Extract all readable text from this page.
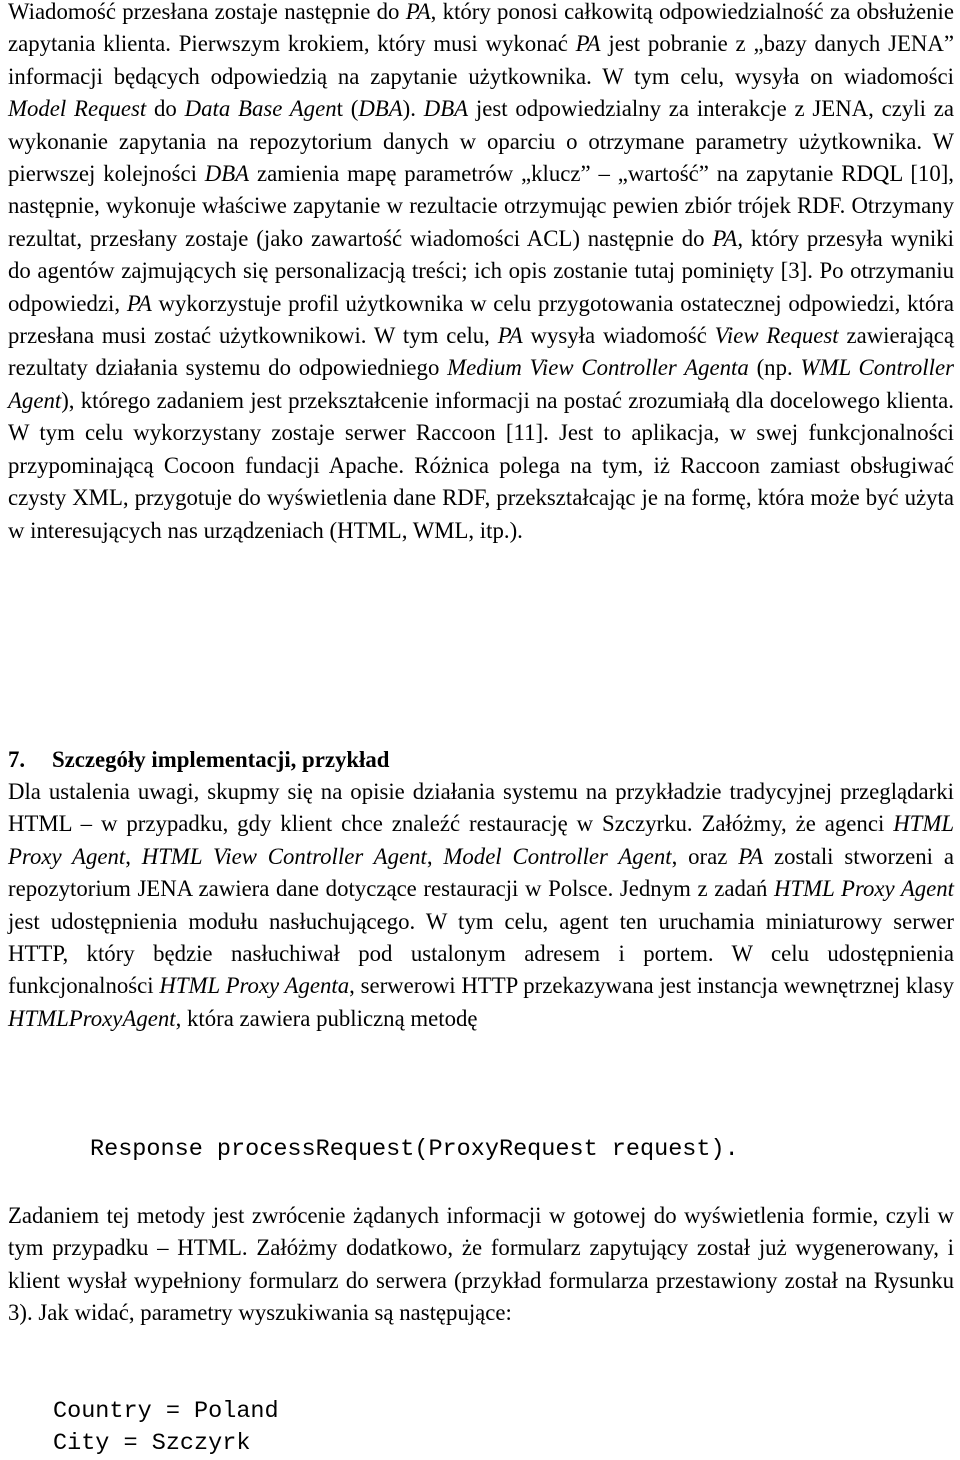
Wiadomość przesłana zostaje następnie do PA, który ponosi całkowitą odpowiedzialność za obsłużenie zapytania klienta. Pierwszym krokiem, który musi wykonać PA jest pobranie z „bazy danych JENA” informacji będących odpowiedzią na zapytanie użytkownika. W tym celu, wysyła on wiadomości Model Request do Data Base Agent (DBA). DBA jest odpowiedzialny za interakcje z JENA, czyli za wykonanie zapytania na repozytorium danych w oparciu o otrzymane parametry użytkownika. W pierwszej kolejności DBA zamienia mapę parametrów „klucz” – „wartość” na zapytanie RDQL [10], następnie, wykonuje właściwe zapytanie w rezultacie otrzymując pewien zbiór trójek RDF. Otrzymany rezultat, przesłany zostaje (jako zawartość wiadomości ACL) następnie do PA, który przesyła wyniki do agentów zajmujących się personalizacją treści; ich opis zostanie tutaj pominięty [3]. Po otrzymaniu odpowiedzi, PA wykorzystuje profil użytkownika w celu przygotowania ostatecznej odpowiedzi, która przesłana musi zostać użytkownikowi. W tym celu, PA wysyła wiadomość View Request zawierającą rezultaty działania systemu do odpowiedniego Medium View Controller Agenta (np. WML Controller Agent), którego zadaniem jest przekształcenie informacji na postać zrozumiałą dla docelowego klienta. W tym celu wykorzystany zostaje serwer Raccoon [11]. Jest to aplikacja, w swej funkcjonalności przypominającą Cocoon fundacji Apache. Różnica polega na tym, iż Raccoon zamiast obsługiwać czysty XML, przygotuje do wyświetlenia dane RDF, przekształcając je na formę, która może być użyta w interesujących nas urządzeniach (HTML, WML, itp.).

7. Szczegóły implementacji, przykład

Dla ustalenia uwagi, skupmy się na opisie działania systemu na przykładzie tradycyjnej przeglądarki HTML – w przypadku, gdy klient chce znaleźć restaurację w Szczyrku. Załóżmy, że agenci HTML Proxy Agent, HTML View Controller Agent, Model Controller Agent, oraz PA zostali stworzeni a repozytorium JENA zawiera dane dotyczące restauracji w Polsce. Jednym z zadań HTML Proxy Agent jest udostępnienia modułu nasłuchującego. W tym celu, agent ten uruchamia miniaturowy serwer HTTP, który będzie nasłuchiwał pod ustalonym adresem i portem. W celu udostępnienia funkcjonalności HTML Proxy Agenta, serwerowi HTTP przekazywana jest instancja wewnętrznej klasy HTMLProxyAgent, która zawiera publiczną metodę

Response processRequest(ProxyRequest request).

Zadaniem tej metody jest zwrócenie żądanych informacji w gotowej do wyświetlenia formie, czyli w tym przypadku – HTML. Załóżmy dodatkowo, że formularz zapytujący został już wygenerowany, i klient wysłał wypełniony formularz do serwera (przykład formularza przestawiony został na Rysunku 3). Jak widać, parametry wyszukiwania są następujące:

Country = Poland
City = Szczyrk
